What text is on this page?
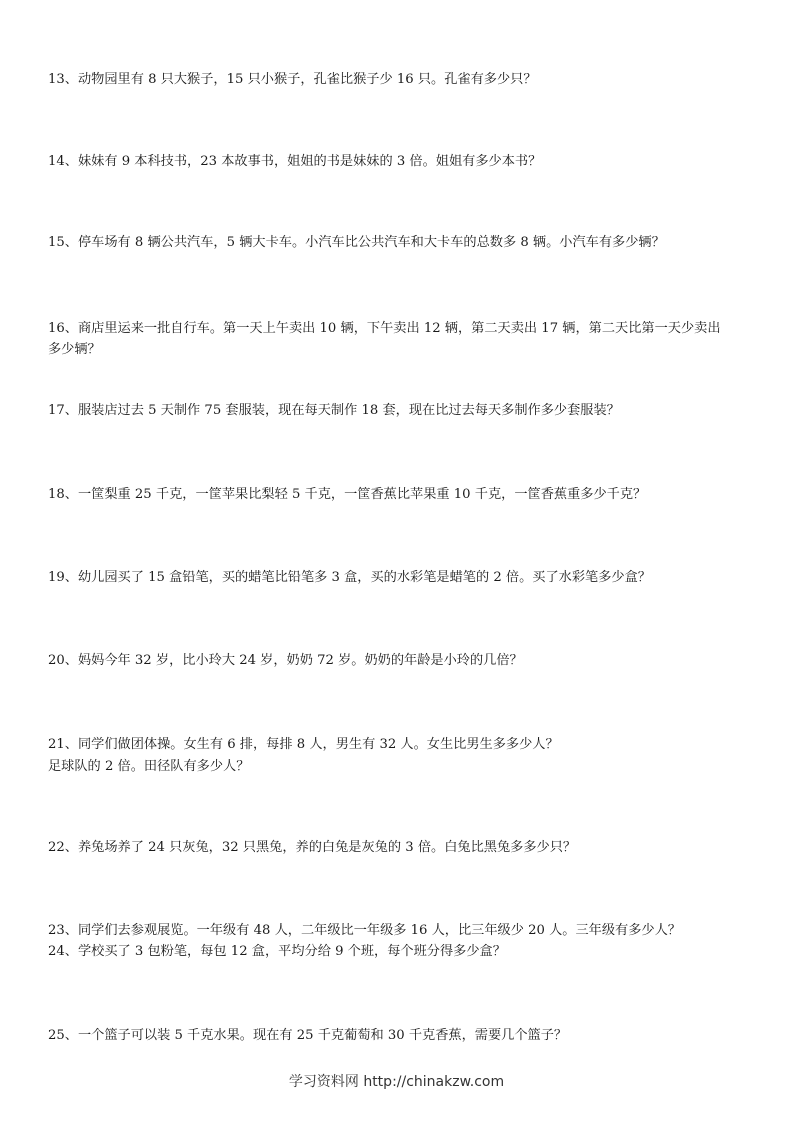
13、动物园里有 8 只大猴子，15 只小猴子，孔雀比猴子少 16 只。孔雀有多少只？
14、妹妹有 9 本科技书，23 本故事书，姐姐的书是妹妹的 3 倍。姐姐有多少本书？
15、停车场有 8 辆公共汽车，5 辆大卡车。小汽车比公共汽车和大卡车的总数多 8 辆。小汽车有多少辆？
16、商店里运来一批自行车。第一天上午卖出 10 辆，下午卖出 12 辆，第二天卖出 17 辆，第二天比第一天少卖出
多少辆？
17、服装店过去 5 天制作 75 套服装，现在每天制作 18 套，现在比过去每天多制作多少套服装？
18、一筐梨重 25 千克，一筐苹果比梨轻 5 千克，一筐香蕉比苹果重 10 千克，一筐香蕉重多少千克？
19、幼儿园买了 15 盒铅笔，买的蜡笔比铅笔多 3 盒，买的水彩笔是蜡笔的 2 倍。买了水彩笔多少盒？
20、妈妈今年 32 岁，比小玲大 24 岁，奶奶 72 岁。奶奶的年龄是小玲的几倍？
21、同学们做团体操。女生有 6 排，每排 8 人，男生有 32 人。女生比男生多多少人？
足球队的 2 倍。田径队有多少人？
22、养兔场养了 24 只灰兔，32 只黑兔，养的白兔是灰兔的 3 倍。白兔比黑兔多多少只？
23、同学们去参观展览。一年级有 48 人，二年级比一年级多 16 人，比三年级少 20 人。三年级有多少人？
24、学校买了 3 包粉笔，每包 12 盒，平均分给 9 个班，每个班分得多少盒？
25、一个篮子可以装 5 千克水果。现在有 25 千克葡萄和 30 千克香蕉，需要几个篮子？
学习资料网 http://chinakzw.com
